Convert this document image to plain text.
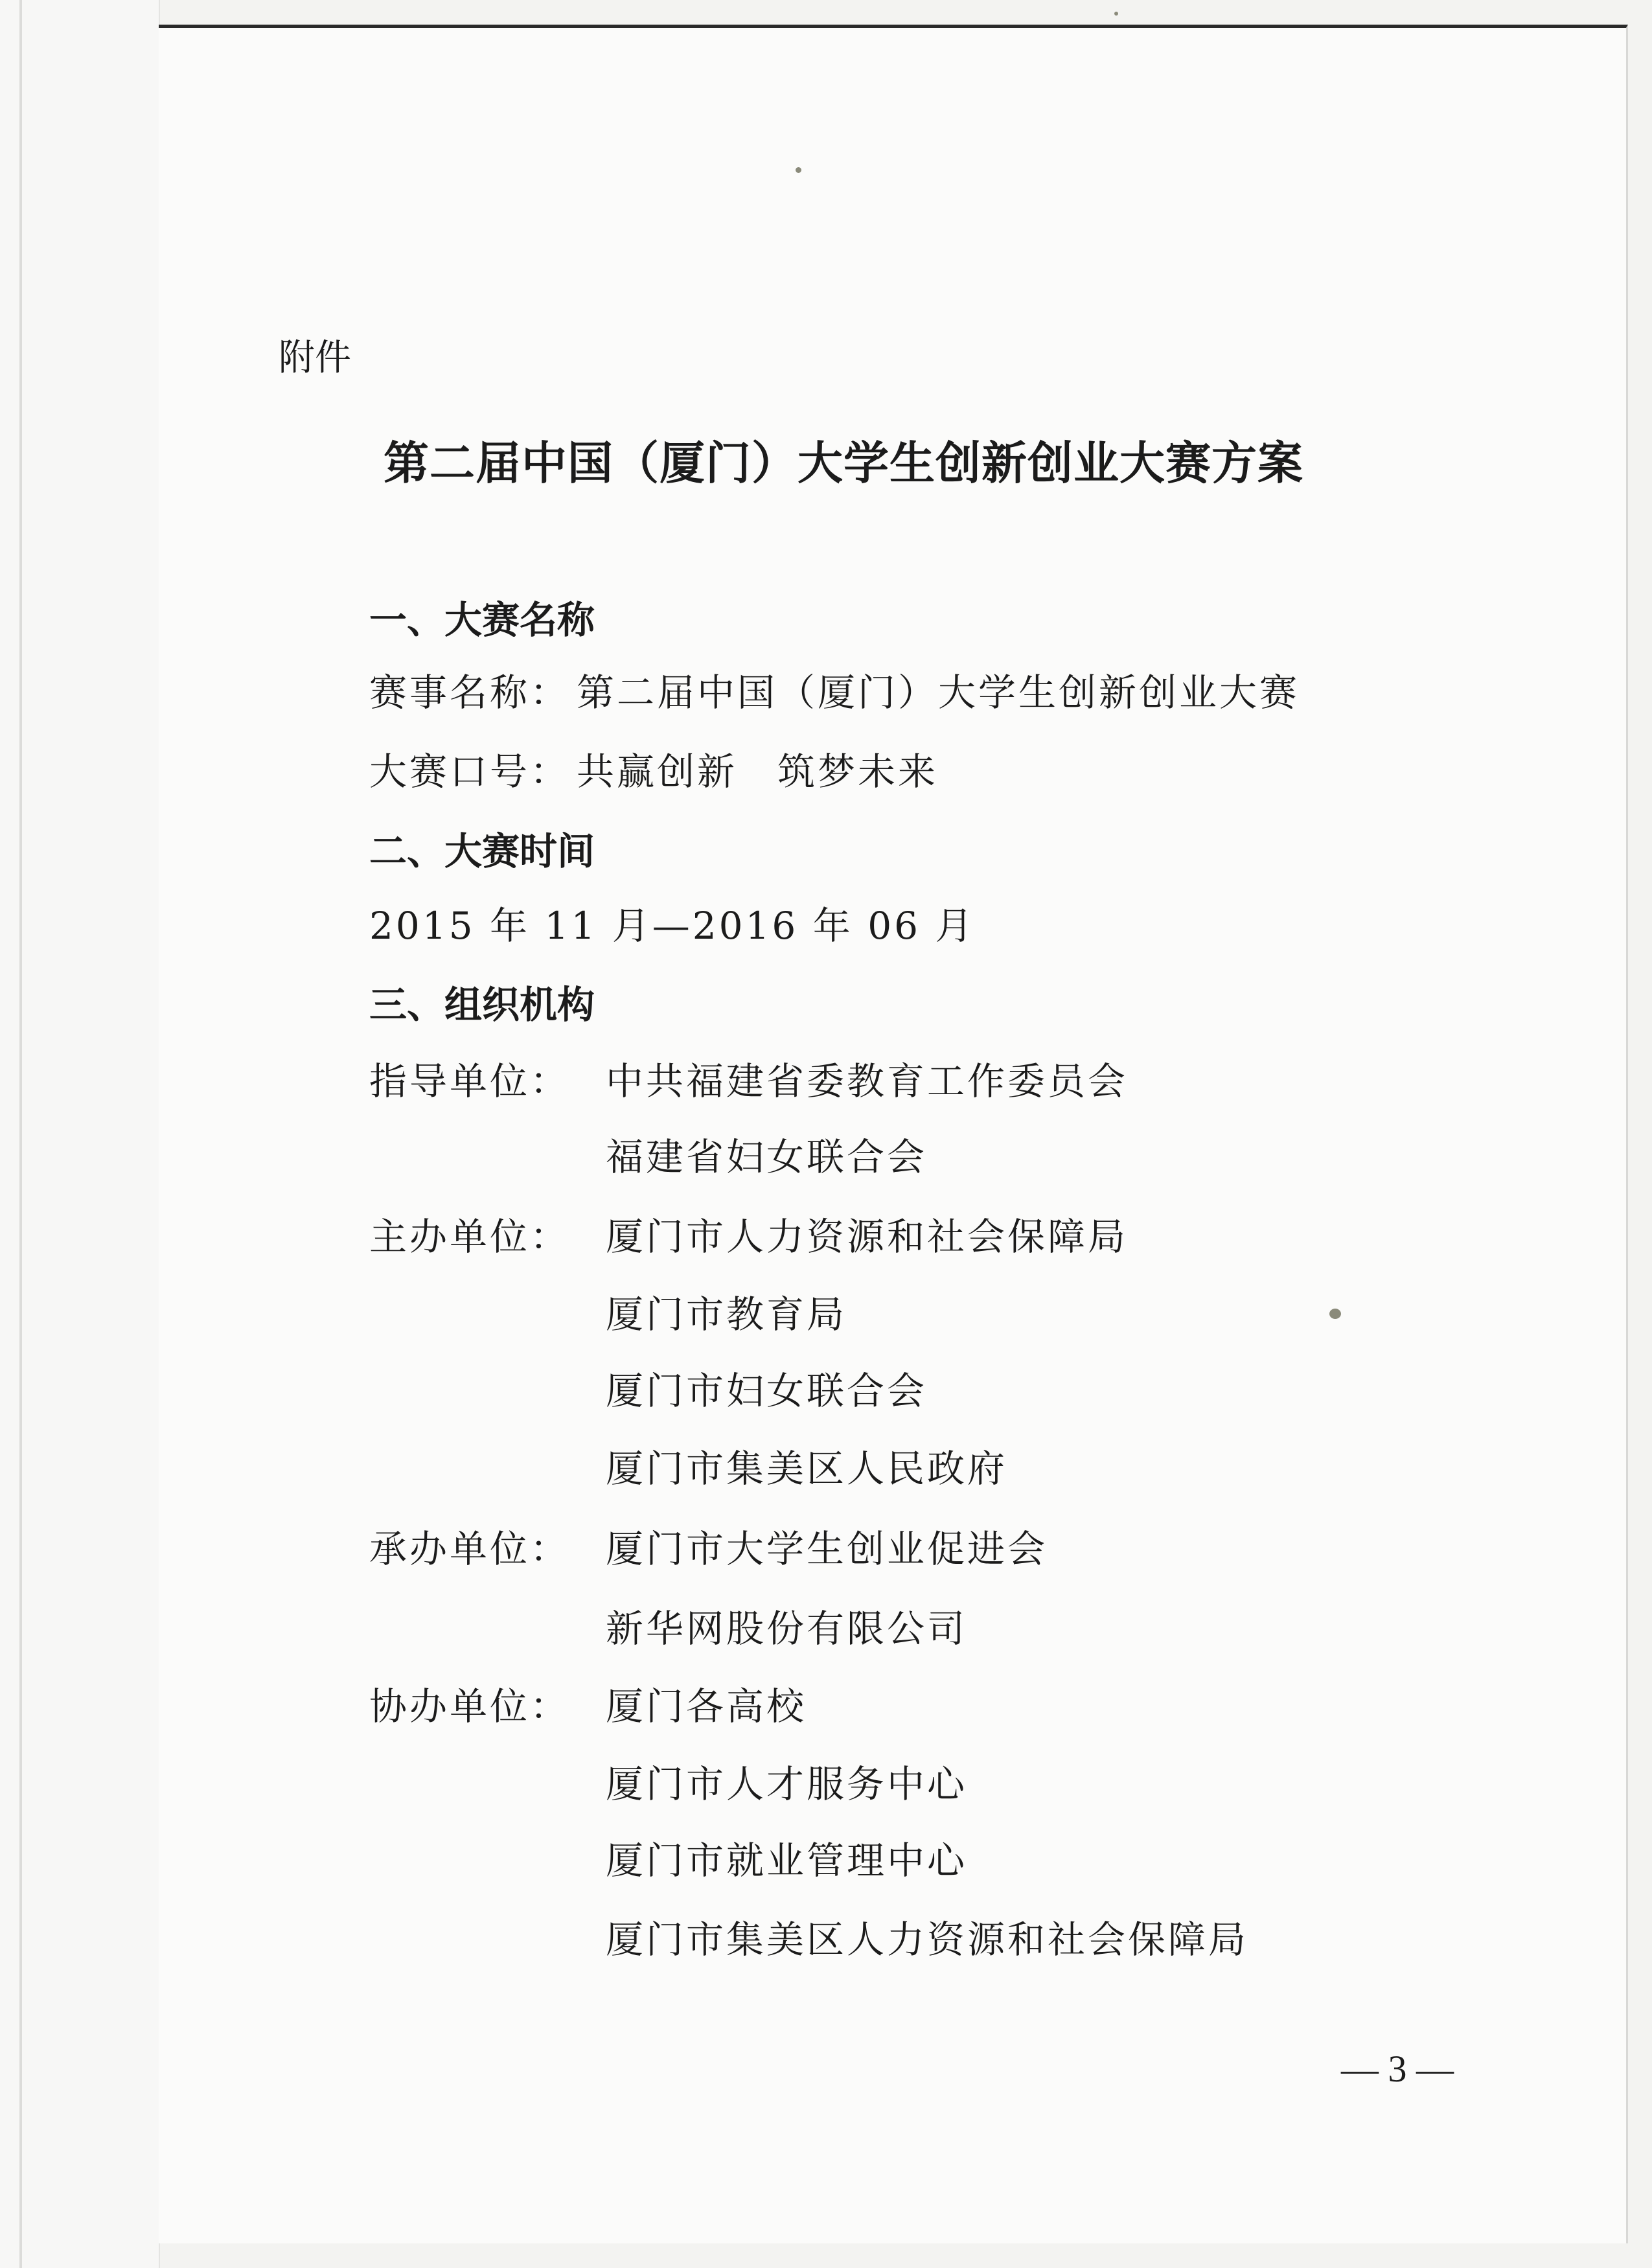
附件
第二届中国（厦门）大学生创新创业大赛方案
一、大赛名称
赛事名称： 第二届中国（厦门）大学生创新创业大赛
大赛口号： 共赢创新　筑梦未来
二、大赛时间
2015 年 11 月—2016 年 06 月
三、组织机构
指导单位： 中共福建省委教育工作委员会
福建省妇女联合会
主办单位： 厦门市人力资源和社会保障局
厦门市教育局
厦门市妇女联合会
厦门市集美区人民政府
承办单位： 厦门市大学生创业促进会
新华网股份有限公司
协办单位： 厦门各高校
厦门市人才服务中心
厦门市就业管理中心
厦门市集美区人力资源和社会保障局
— 3 —
